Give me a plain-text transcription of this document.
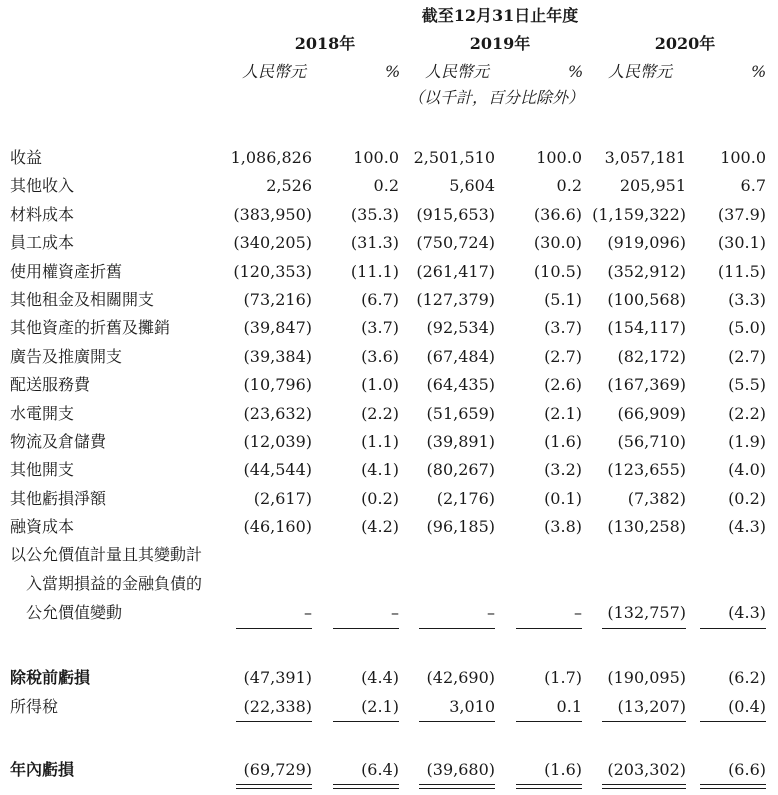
截至12月31日止年度
2018年	2019年	2020年
人民幣元	% 人民幣元	% 人民幣元	%
（以千計，百分比除外）
收益	1,086,826	100.0 2,501,510	100.0	3,057,181	100.0
其他收入	2,526	0.2	5,604	0.2	205,951	6.7
材料成本	(383,950)	(35.3)	(915,653)	(36.6) (1,159,322)	(37.9)
員工成本	(340,205)	(31.3)	(750,724)	(30.0)	(919,096)	(30.1)
使用權資產折舊	(120,353)	(11.1)	(261,417)	(10.5)	(352,912)	(11.5)
其他租金及相關開支	(73,216)	(6.7)	(127,379)	(5.1)	(100,568)	(3.3)
其他資產的折舊及攤銷	(39,847)	(3.7)	(92,534)	(3.7)	(154,117)	(5.0)
廣告及推廣開支	(39,384)	(3.6)	(67,484)	(2.7)	(82,172)	(2.7)
配送服務費	(10,796)	(1.0)	(64,435)	(2.6)	(167,369)	(5.5)
水電開支	(23,632)	(2.2)	(51,659)	(2.1)	(66,909)	(2.2)
物流及倉儲費	(12,039)	(1.1)	(39,891)	(1.6)	(56,710)	(1.9)
其他開支	(44,544)	(4.1)	(80,267)	(3.2)	(123,655)	(4.0)
其他虧損淨額	(2,617)	(0.2)	(2,176)	(0.1)	(7,382)	(0.2)
融資成本	(46,160)	(4.2)	(96,185)	(3.8)	(130,258)	(4.3)
以公允價值計量且其變動計
入當期損益的金融負債的
公允價值變動	–	–	–	–	(132,757)	(4.3)
除稅前虧損	(47,391)	(4.4)	(42,690)	(1.7)	(190,095)	(6.2)
所得稅	(22,338)	(2.1)	3,010	0.1	(13,207)	(0.4)
年內虧損	(69,729)	(6.4)	(39,680)	(1.6)	(203,302)	(6.6)
